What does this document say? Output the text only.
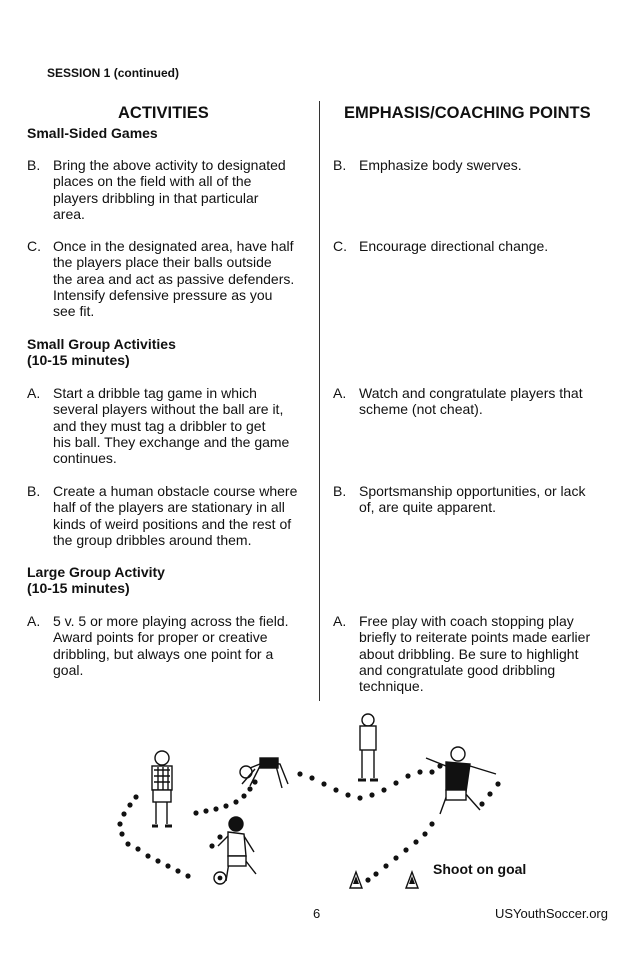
SESSION 1 (continued)
ACTIVITIES	EMPHASIS/COACHING POINTS
Small-Sided Games
B. Bring the above activity to designated
places on the field with all of the
players dribbling in that particular
area.
B. Emphasize body swerves.
C. Once in the designated area, have half
the players place their balls outside
the area and act as passive defenders.
Intensify defensive pressure as you
see fit.
C. Encourage directional change.
Small Group Activities
(10-15 minutes)
A. Start a dribble tag game in which
several players without the ball are it,
and they must tag a dribbler to get
his ball. They exchange and the game
continues.
A. Watch and congratulate players that
scheme (not cheat).
B. Create a human obstacle course where
half of the players are stationary in all
kinds of weird positions and the rest of
the group dribbles around them.
B. Sportsmanship opportunities, or lack
of, are quite apparent.
Large Group Activity
(10-15 minutes)
A. 5 v. 5 or more playing across the field.
Award points for proper or creative
dribbling, but always one point for a
goal.
A. Free play with coach stopping play
briefly to reiterate points made earlier
about dribbling. Be sure to highlight
and congratulate good dribbling
technique.
Shoot on goal
6	USYouthSoccer.org
